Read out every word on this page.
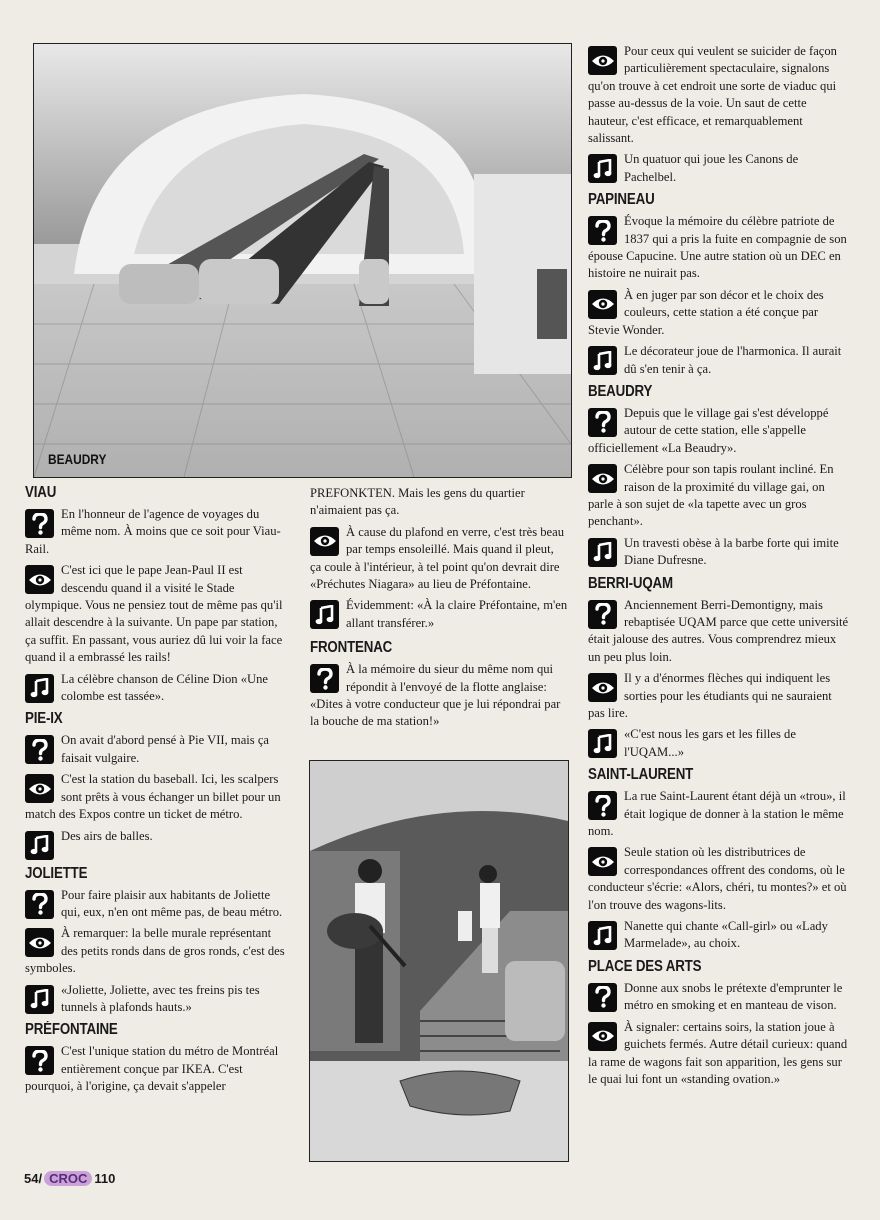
BEAUDRY
VIAU
En l'honneur de l'agence de voyages du même nom. À moins que ce soit pour Viau-Rail.
C'est ici que le pape Jean-Paul II est descendu quand il a visité le Stade olympique. Vous ne pensiez tout de même pas qu'il allait descendre à la suivante. Un pape par station, ça suffit. En passant, vous auriez dû lui voir la face quand il a embrassé les rails!
La célèbre chanson de Céline Dion «Une colombe est tassée».
PIE-IX
On avait d'abord pensé à Pie VII, mais ça faisait vulgaire.
C'est la station du baseball. Ici, les scalpers sont prêts à vous échanger un billet pour un match des Expos contre un ticket de métro.
Des airs de balles.
JOLIETTE
Pour faire plaisir aux habitants de Joliette qui, eux, n'en ont même pas, de beau métro.
À remarquer: la belle murale représentant des petits ronds dans de gros ronds, c'est des symboles.
«Joliette, Joliette, avec tes freins pis tes tunnels à plafonds hauts.»
PRÉFONTAINE
C'est l'unique station du métro de Montréal entièrement conçue par IKEA. C'est pourquoi, à l'origine, ça devait s'appeler
PREFONKTEN. Mais les gens du quartier n'aimaient pas ça.
À cause du plafond en verre, c'est très beau par temps ensoleillé. Mais quand il pleut, ça coule à l'intérieur, à tel point qu'on devrait dire «Préchutes Niagara» au lieu de Préfontaine.
Évidemment: «À la claire Préfontaine, m'en allant transférer.»
FRONTENAC
À la mémoire du sieur du même nom qui répondit à l'envoyé de la flotte anglaise: «Dites à votre conducteur que je lui répondrai par la bouche de ma station!»
Pour ceux qui veulent se suicider de façon particulièrement spectaculaire, signalons qu'on trouve à cet endroit une sorte de viaduc qui passe au-dessus de la voie. Un saut de cette hauteur, c'est efficace, et remarquablement salissant.
Un quatuor qui joue les Canons de Pachelbel.
PAPINEAU
Évoque la mémoire du célèbre patriote de 1837 qui a pris la fuite en compagnie de son épouse Capucine. Une autre station où un DEC en histoire ne nuirait pas.
À en juger par son décor et le choix des couleurs, cette station a été conçue par Stevie Wonder.
Le décorateur joue de l'harmonica. Il aurait dû s'en tenir à ça.
BEAUDRY
Depuis que le village gai s'est développé autour de cette station, elle s'appelle officiellement «La Beaudry».
Célèbre pour son tapis roulant incliné. En raison de la proximité du village gai, on parle à son sujet de «la tapette avec un gros penchant».
Un travesti obèse à la barbe forte qui imite Diane Dufresne.
BERRI-UQAM
Anciennement Berri-Demontigny, mais rebaptisée UQAM parce que cette université était jalouse des autres. Vous comprendrez mieux un peu plus loin.
Il y a d'énormes flèches qui indiquent les sorties pour les étudiants qui ne sauraient pas lire.
«C'est nous les gars et les filles de l'UQAM...»
SAINT-LAURENT
La rue Saint-Laurent étant déjà un «trou», il était logique de donner à la station le même nom.
Seule station où les distributrices de correspondances offrent des condoms, où le conducteur s'écrie: «Alors, chéri, tu montes?» et où l'on trouve des wagons-lits.
Nanette qui chante «Call-girl» ou «Lady Marmelade», au choix.
PLACE DES ARTS
Donne aux snobs le prétexte d'emprunter le métro en smoking et en manteau de vison.
À signaler: certains soirs, la station joue à guichets fermés. Autre détail curieux: quand la rame de wagons fait son apparition, les gens sur le quai lui font un «standing ovation.»
54/ CROC 110
